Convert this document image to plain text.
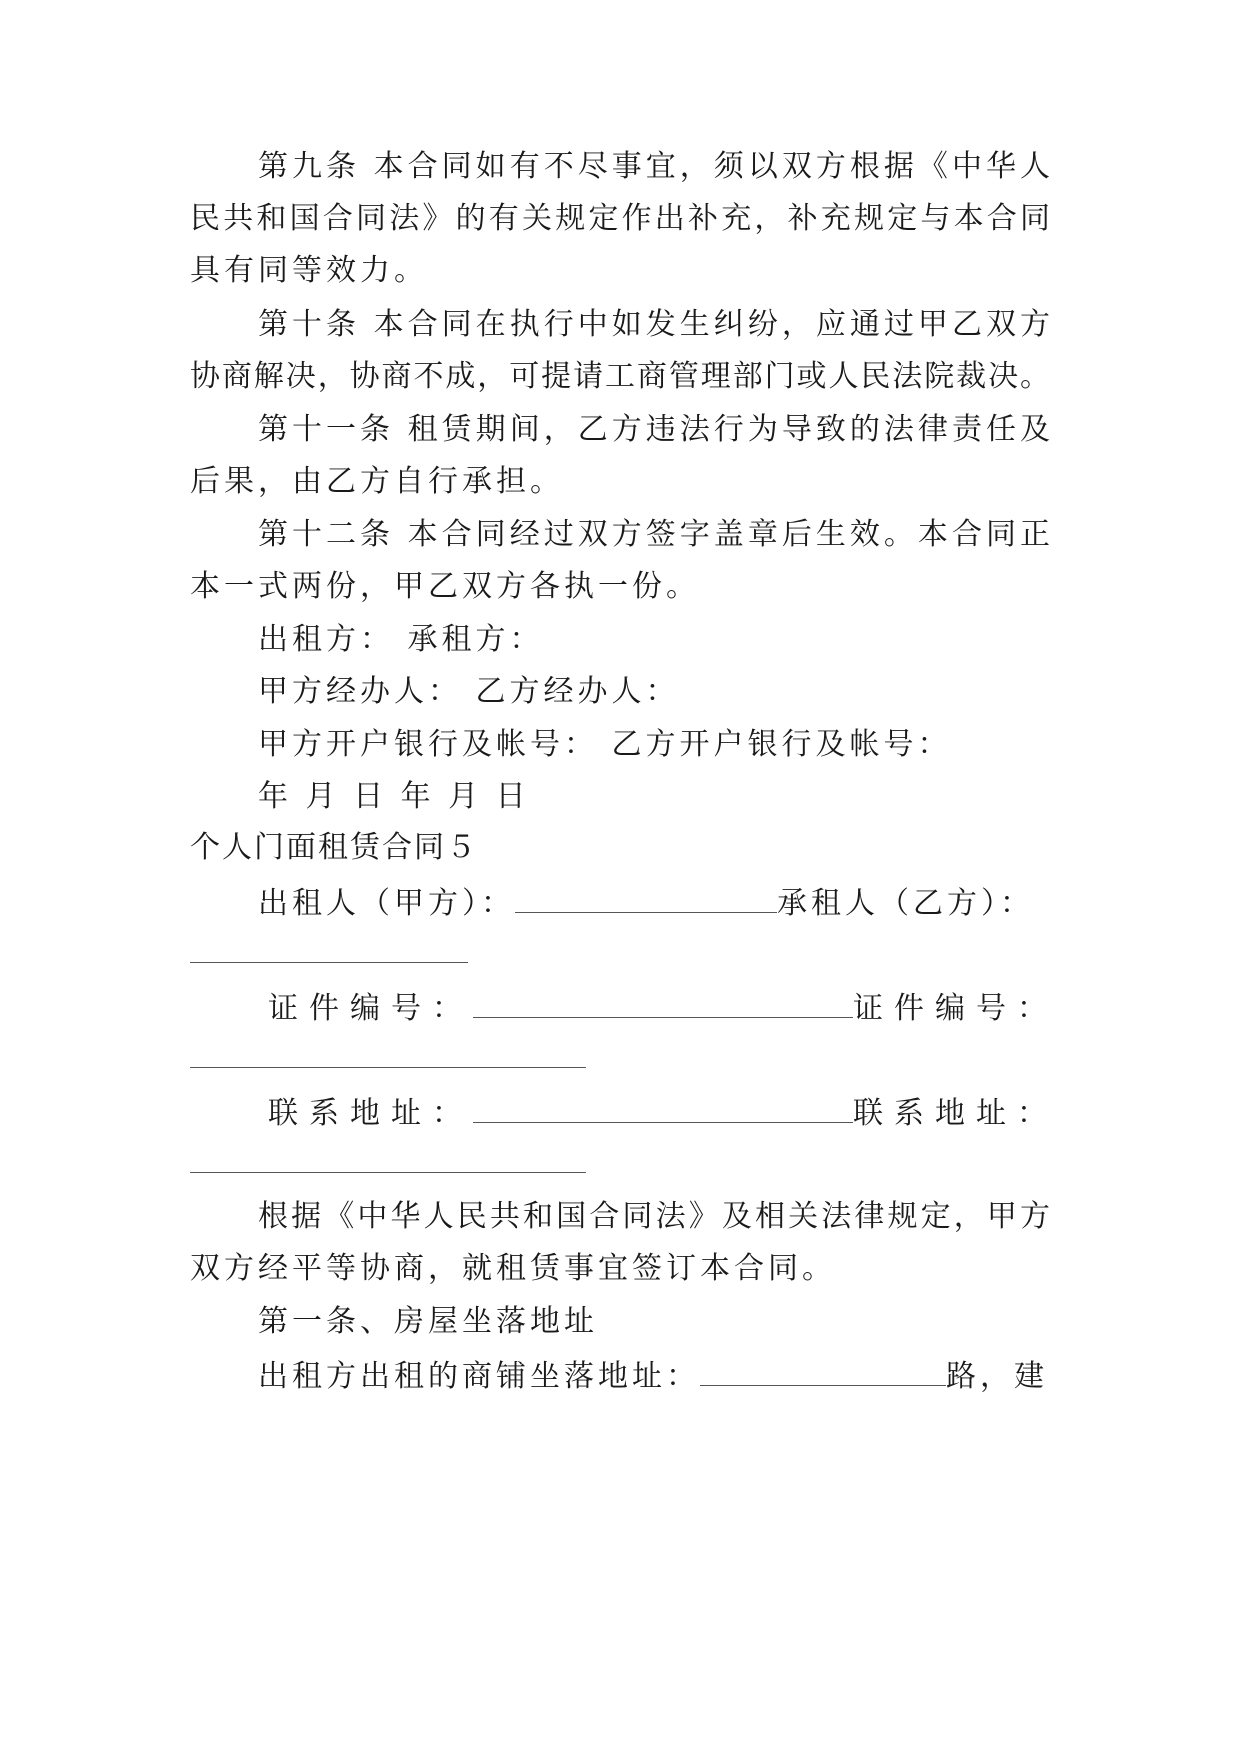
第九条 本合同如有不尽事宜，须以双方根据《中华人
民共和国合同法》的有关规定作出补充，补充规定与本合同
具有同等效力。
第十条 本合同在执行中如发生纠纷，应通过甲乙双方
协商解决，协商不成，可提请工商管理部门或人民法院裁决。
第十一条 租赁期间，乙方违法行为导致的法律责任及
后果，由乙方自行承担。
第十二条 本合同经过双方签字盖章后生效。本合同正
本一式两份，甲乙双方各执一份。
出租方： 承租方：
甲方经办人： 乙方经办人：
甲方开户银行及帐号： 乙方开户银行及帐号：
年 月 日 年 月 日
个人门面租赁合同５
出租人（甲方）：	承租人（乙方）：
证件编号：	证件编号：
联系地址：	联系地址：
根据《中华人民共和国合同法》及相关法律规定，甲方
双方经平等协商，就租赁事宜签订本合同。
第一条、房屋坐落地址
出租方出租的商铺坐落地址：	路，建
